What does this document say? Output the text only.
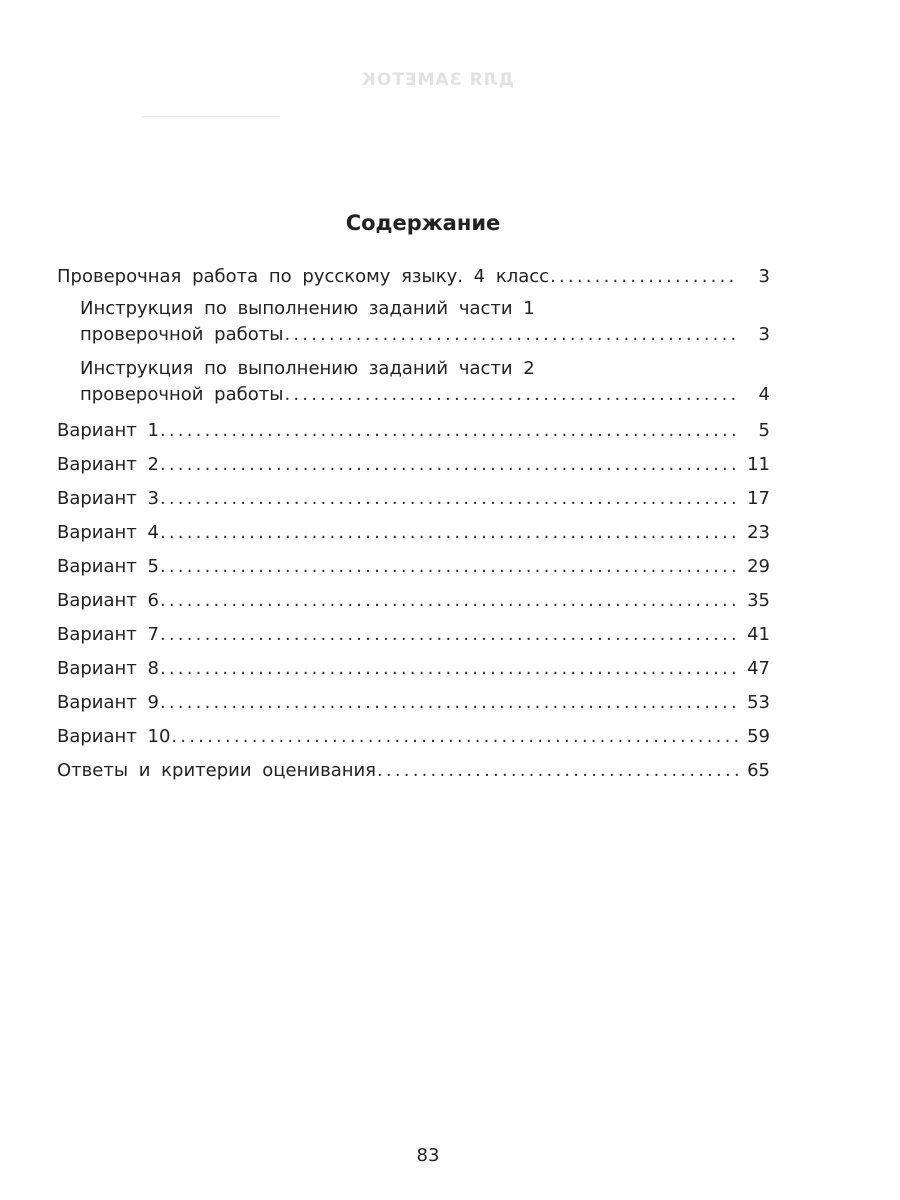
ДЛЯ ЗАМЕТОК
Содержание
Проверочная работа по русскому языку. 4 класс .....	3
Инструкция по выполнению заданий части 1
проверочной работы .....	3
Инструкция по выполнению заданий части 2
проверочной работы .....	4
Вариант 1 .....	5
Вариант 2 .....	11
Вариант 3 .....	17
Вариант 4 .....	23
Вариант 5 .....	29
Вариант 6 .....	35
Вариант 7 .....	41
Вариант 8 .....	47
Вариант 9 .....	53
Вариант 10 .....	59
Ответы и критерии оценивания .....	65
83
